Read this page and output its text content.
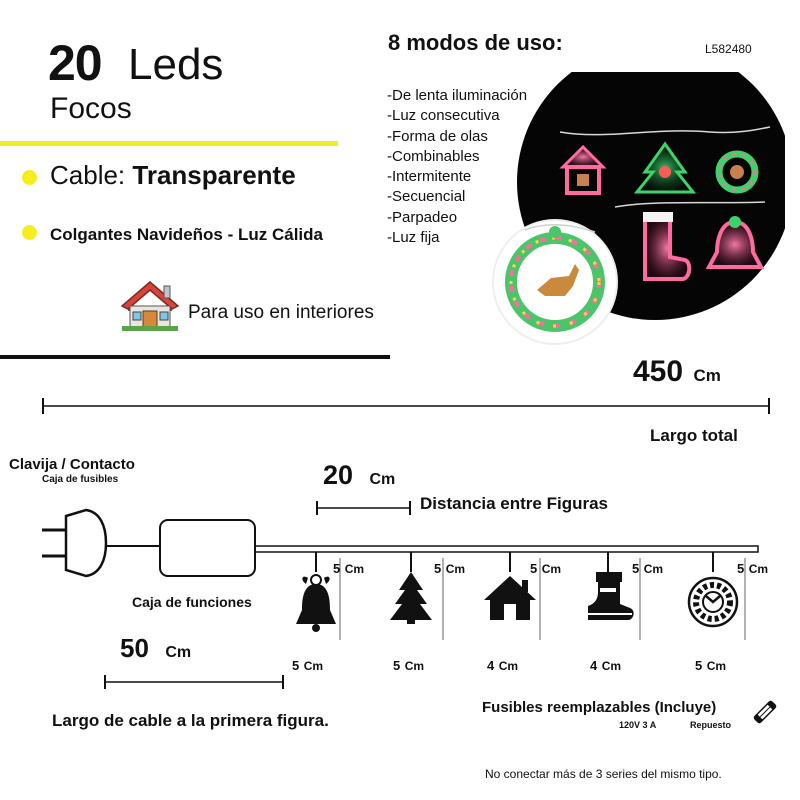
20 Leds
Focos
Cable: Transparente
Colgantes Navideños - Luz Cálida
Para uso en interiores
8 modos de uso:	L582480
-De lenta iluminación
-Luz consecutiva
-Forma de olas
-Combinables
-Intermitente
-Secuencial
-Parpadeo
-Luz fija
450 Cm
Largo total
Clavija / Contacto
Caja de fusibles	20 Cm
Distancia entre Figuras
5 Cm	5 Cm	5 Cm	5 Cm	5 Cm
Caja de funciones
5 Cm	5 Cm	4 Cm	4 Cm	5 Cm
50 Cm
Largo de cable a la primera figura.
Fusibles reemplazables (Incluye)
120V 3 A	Repuesto
No conectar más de 3 series del mismo tipo.
